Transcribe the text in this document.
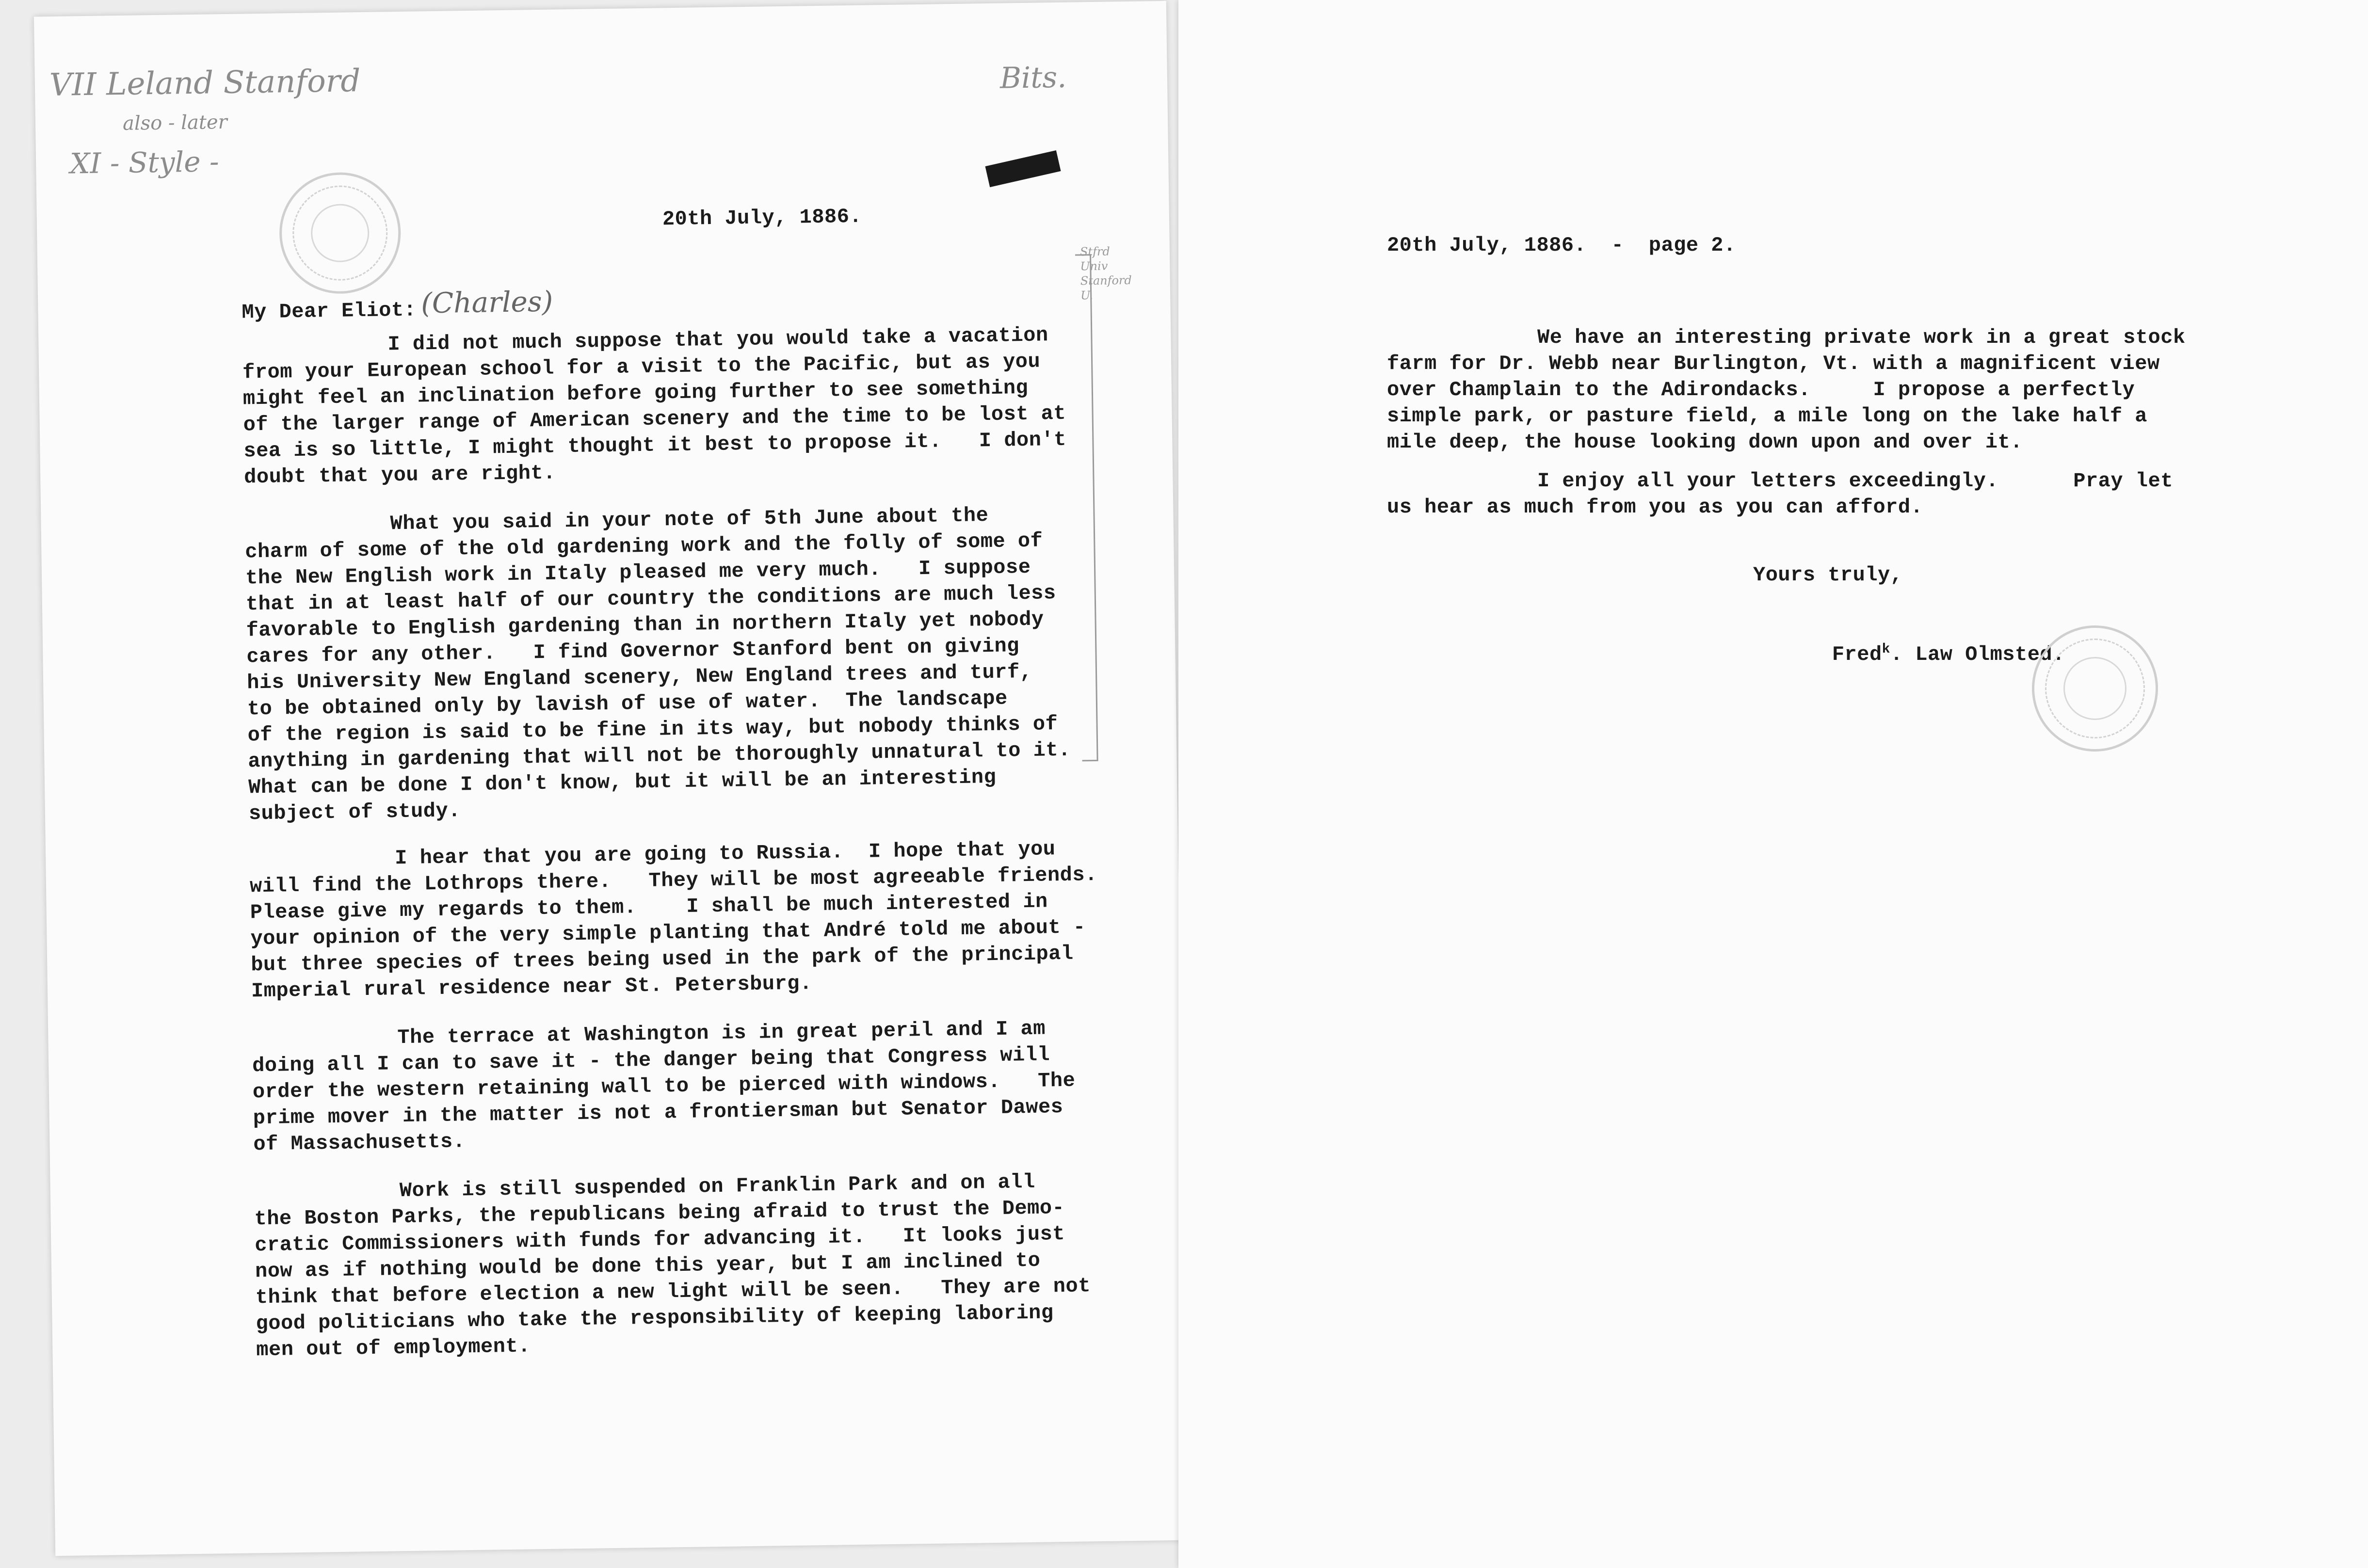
VII Leland Stanford
also - later
XI - Style -
Bits.
20th July, 1886.
My Dear Eliot: (Charles)
Stfrd
Univ
Stanford
U.
I did not much suppose that you would take a vacation
from your European school for a visit to the Pacific, but as you
might feel an inclination before going further to see something
of the larger range of American scenery and the time to be lost at
sea is so little, I might thought it best to propose it.   I don't
doubt that you are right.
What you said in your note of 5th June about the
charm of some of the old gardening work and the folly of some of
the New English work in Italy pleased me very much.   I suppose
that in at least half of our country the conditions are much less
favorable to English gardening than in northern Italy yet nobody
cares for any other.   I find Governor Stanford bent on giving
his University New England scenery, New England trees and turf,
to be obtained only by lavish of use of water.  The landscape
of the region is said to be fine in its way, but nobody thinks of
anything in gardening that will not be thoroughly unnatural to it.
What can be done I don't know, but it will be an interesting
subject of study.
I hear that you are going to Russia.  I hope that you
will find the Lothrops there.   They will be most agreeable friends.
Please give my regards to them.    I shall be much interested in
your opinion of the very simple planting that André told me about -
but three species of trees being used in the park of the principal
Imperial rural residence near St. Petersburg.
The terrace at Washington is in great peril and I am
doing all I can to save it - the danger being that Congress will
order the western retaining wall to be pierced with windows.   The
prime mover in the matter is not a frontiersman but Senator Dawes
of Massachusetts.
Work is still suspended on Franklin Park and on all
the Boston Parks, the republicans being afraid to trust the Demo-
cratic Commissioners with funds for advancing it.   It looks just
now as if nothing would be done this year, but I am inclined to
think that before election a new light will be seen.   They are not
good politicians who take the responsibility of keeping laboring
men out of employment.
20th July, 1886.  -  page 2.
We have an interesting private work in a great stock
farm for Dr. Webb near Burlington, Vt. with a magnificent view
over Champlain to the Adirondacks.     I propose a perfectly
simple park, or pasture field, a mile long on the lake half a
mile deep, the house looking down upon and over it.
I enjoy all your letters exceedingly.      Pray let
us hear as much from you as you can afford.
Yours truly,

Fred$^k$. Law Olmsted.
